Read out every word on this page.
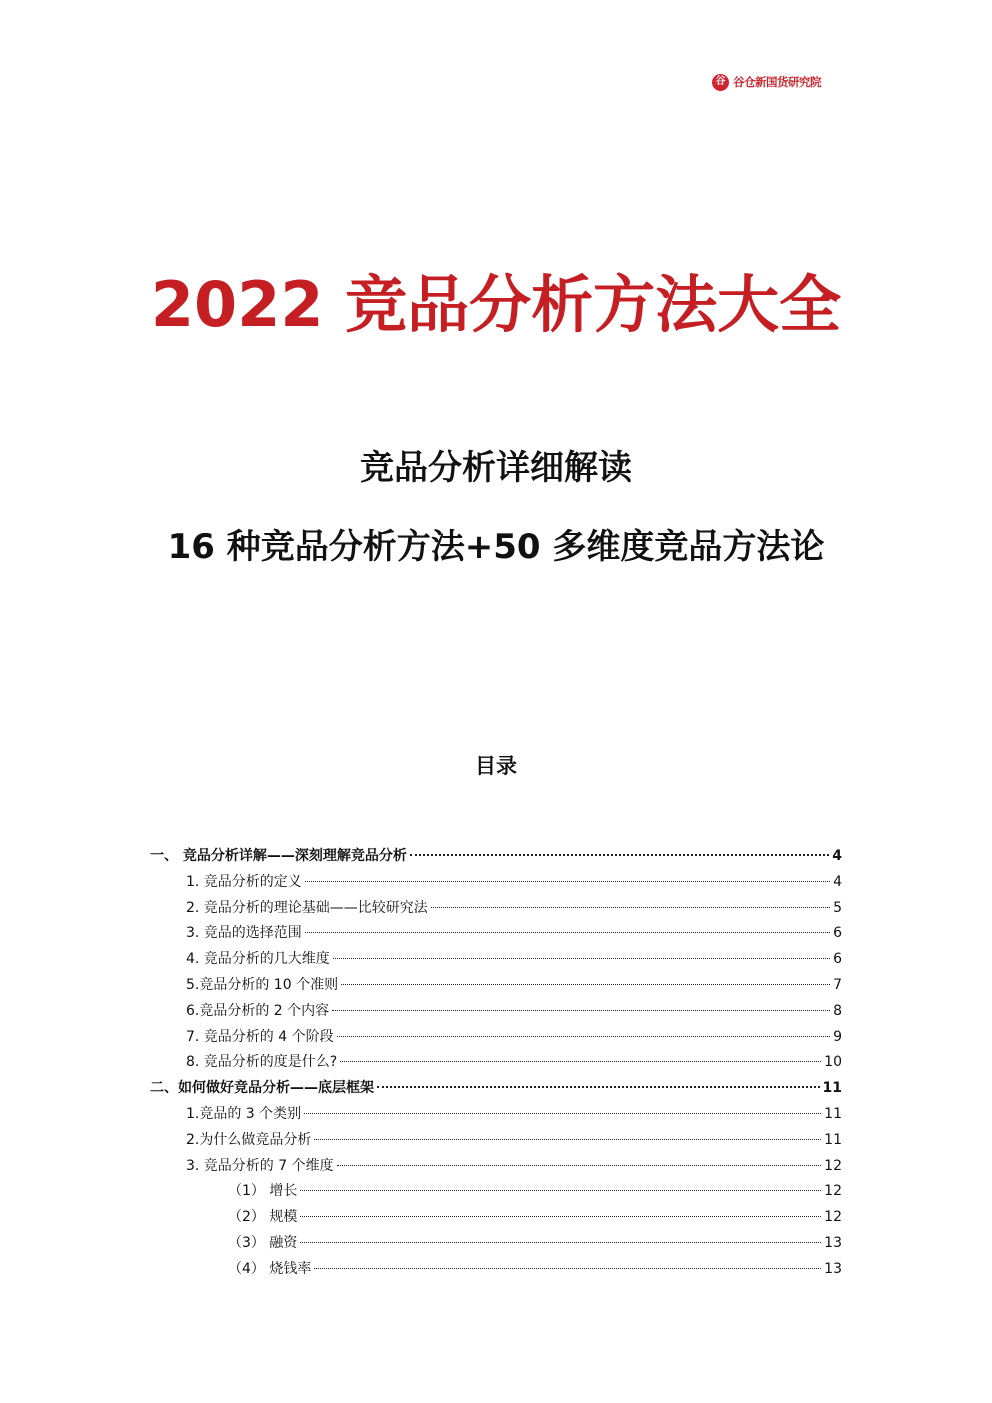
谷 谷仓新国货研究院
2022 竞品分析方法大全
竞品分析详细解读
16 种竞品分析方法+50 多维度竞品方法论
目录
一、 竞品分析详解——深刻理解竞品分析	4
1. 竞品分析的定义	4
2. 竞品分析的理论基础——比较研究法	5
3. 竞品的选择范围	6
4. 竞品分析的几大维度	6
5.竞品分析的 10 个准则	7
6.竞品分析的 2 个内容	8
7. 竞品分析的 4 个阶段	9
8. 竞品分析的度是什么?	10
二、如何做好竞品分析——底层框架	11
1.竞品的 3 个类别	11
2.为什么做竞品分析	11
3. 竞品分析的 7 个维度	12
（1） 增长	12
（2） 规模	12
（3） 融资	13
（4） 烧钱率	13
